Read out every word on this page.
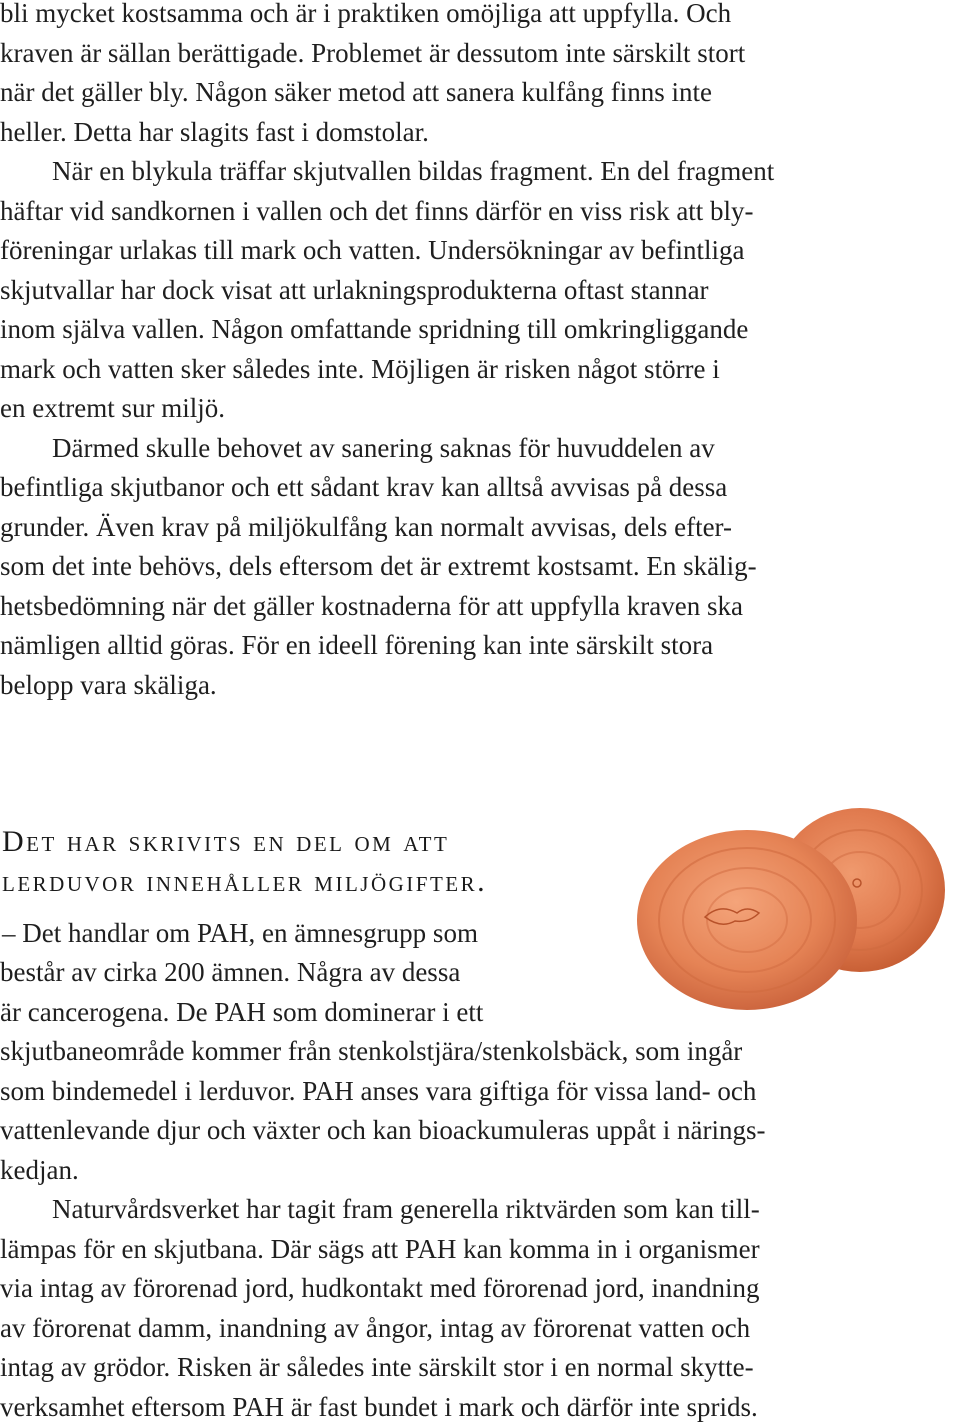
bli mycket kostsamma och är i praktiken omöjliga att uppfylla. Och
kraven är sällan berättigade. Problemet är dessutom inte särskilt stort
när det gäller bly. Någon säker metod att sanera kulfång finns inte
heller. Detta har slagits fast i domstolar.
När en blykula träffar skjutvallen bildas fragment. En del fragment
häftar vid sandkornen i vallen och det finns därför en viss risk att bly-
föreningar urlakas till mark och vatten. Undersökningar av befintliga
skjutvallar har dock visat att urlakningsprodukterna oftast stannar
inom själva vallen. Någon omfattande spridning till omkringliggande
mark och vatten sker således inte. Möjligen är risken något större i
en extremt sur miljö.
Därmed skulle behovet av sanering saknas för huvuddelen av
befintliga skjutbanor och ett sådant krav kan alltså avvisas på dessa
grunder. Även krav på miljökulfång kan normalt avvisas, dels efter-
som det inte behövs, dels eftersom det är extremt kostsamt. En skälig-
hetsbedömning när det gäller kostnaderna för att uppfylla kraven ska
nämligen alltid göras. För en ideell förening kan inte särskilt stora
belopp vara skäliga.
Det har skrivits en del om att
lerduvor innehåller miljögifter.
– Det handlar om PAH, en ämnesgrupp som
består av cirka 200 ämnen. Några av dessa
är cancerogena. De PAH som dominerar i ett
skjutbaneområde kommer från stenkolstjära/stenkolsbäck, som ingår
som bindemedel i lerduvor. PAH anses vara giftiga för vissa land- och
vattenlevande djur och växter och kan bioackumuleras uppåt i närings-
kedjan.
Naturvårdsverket har tagit fram generella riktvärden som kan till-
lämpas för en skjutbana. Där sägs att PAH kan komma in i organismer
via intag av förorenad jord, hudkontakt med förorenad jord, inandning
av förorenat damm, inandning av ångor, intag av förorenat vatten och
intag av grödor. Risken är således inte särskilt stor i en normal skytte-
verksamhet eftersom PAH är fast bundet i mark och därför inte sprids.
